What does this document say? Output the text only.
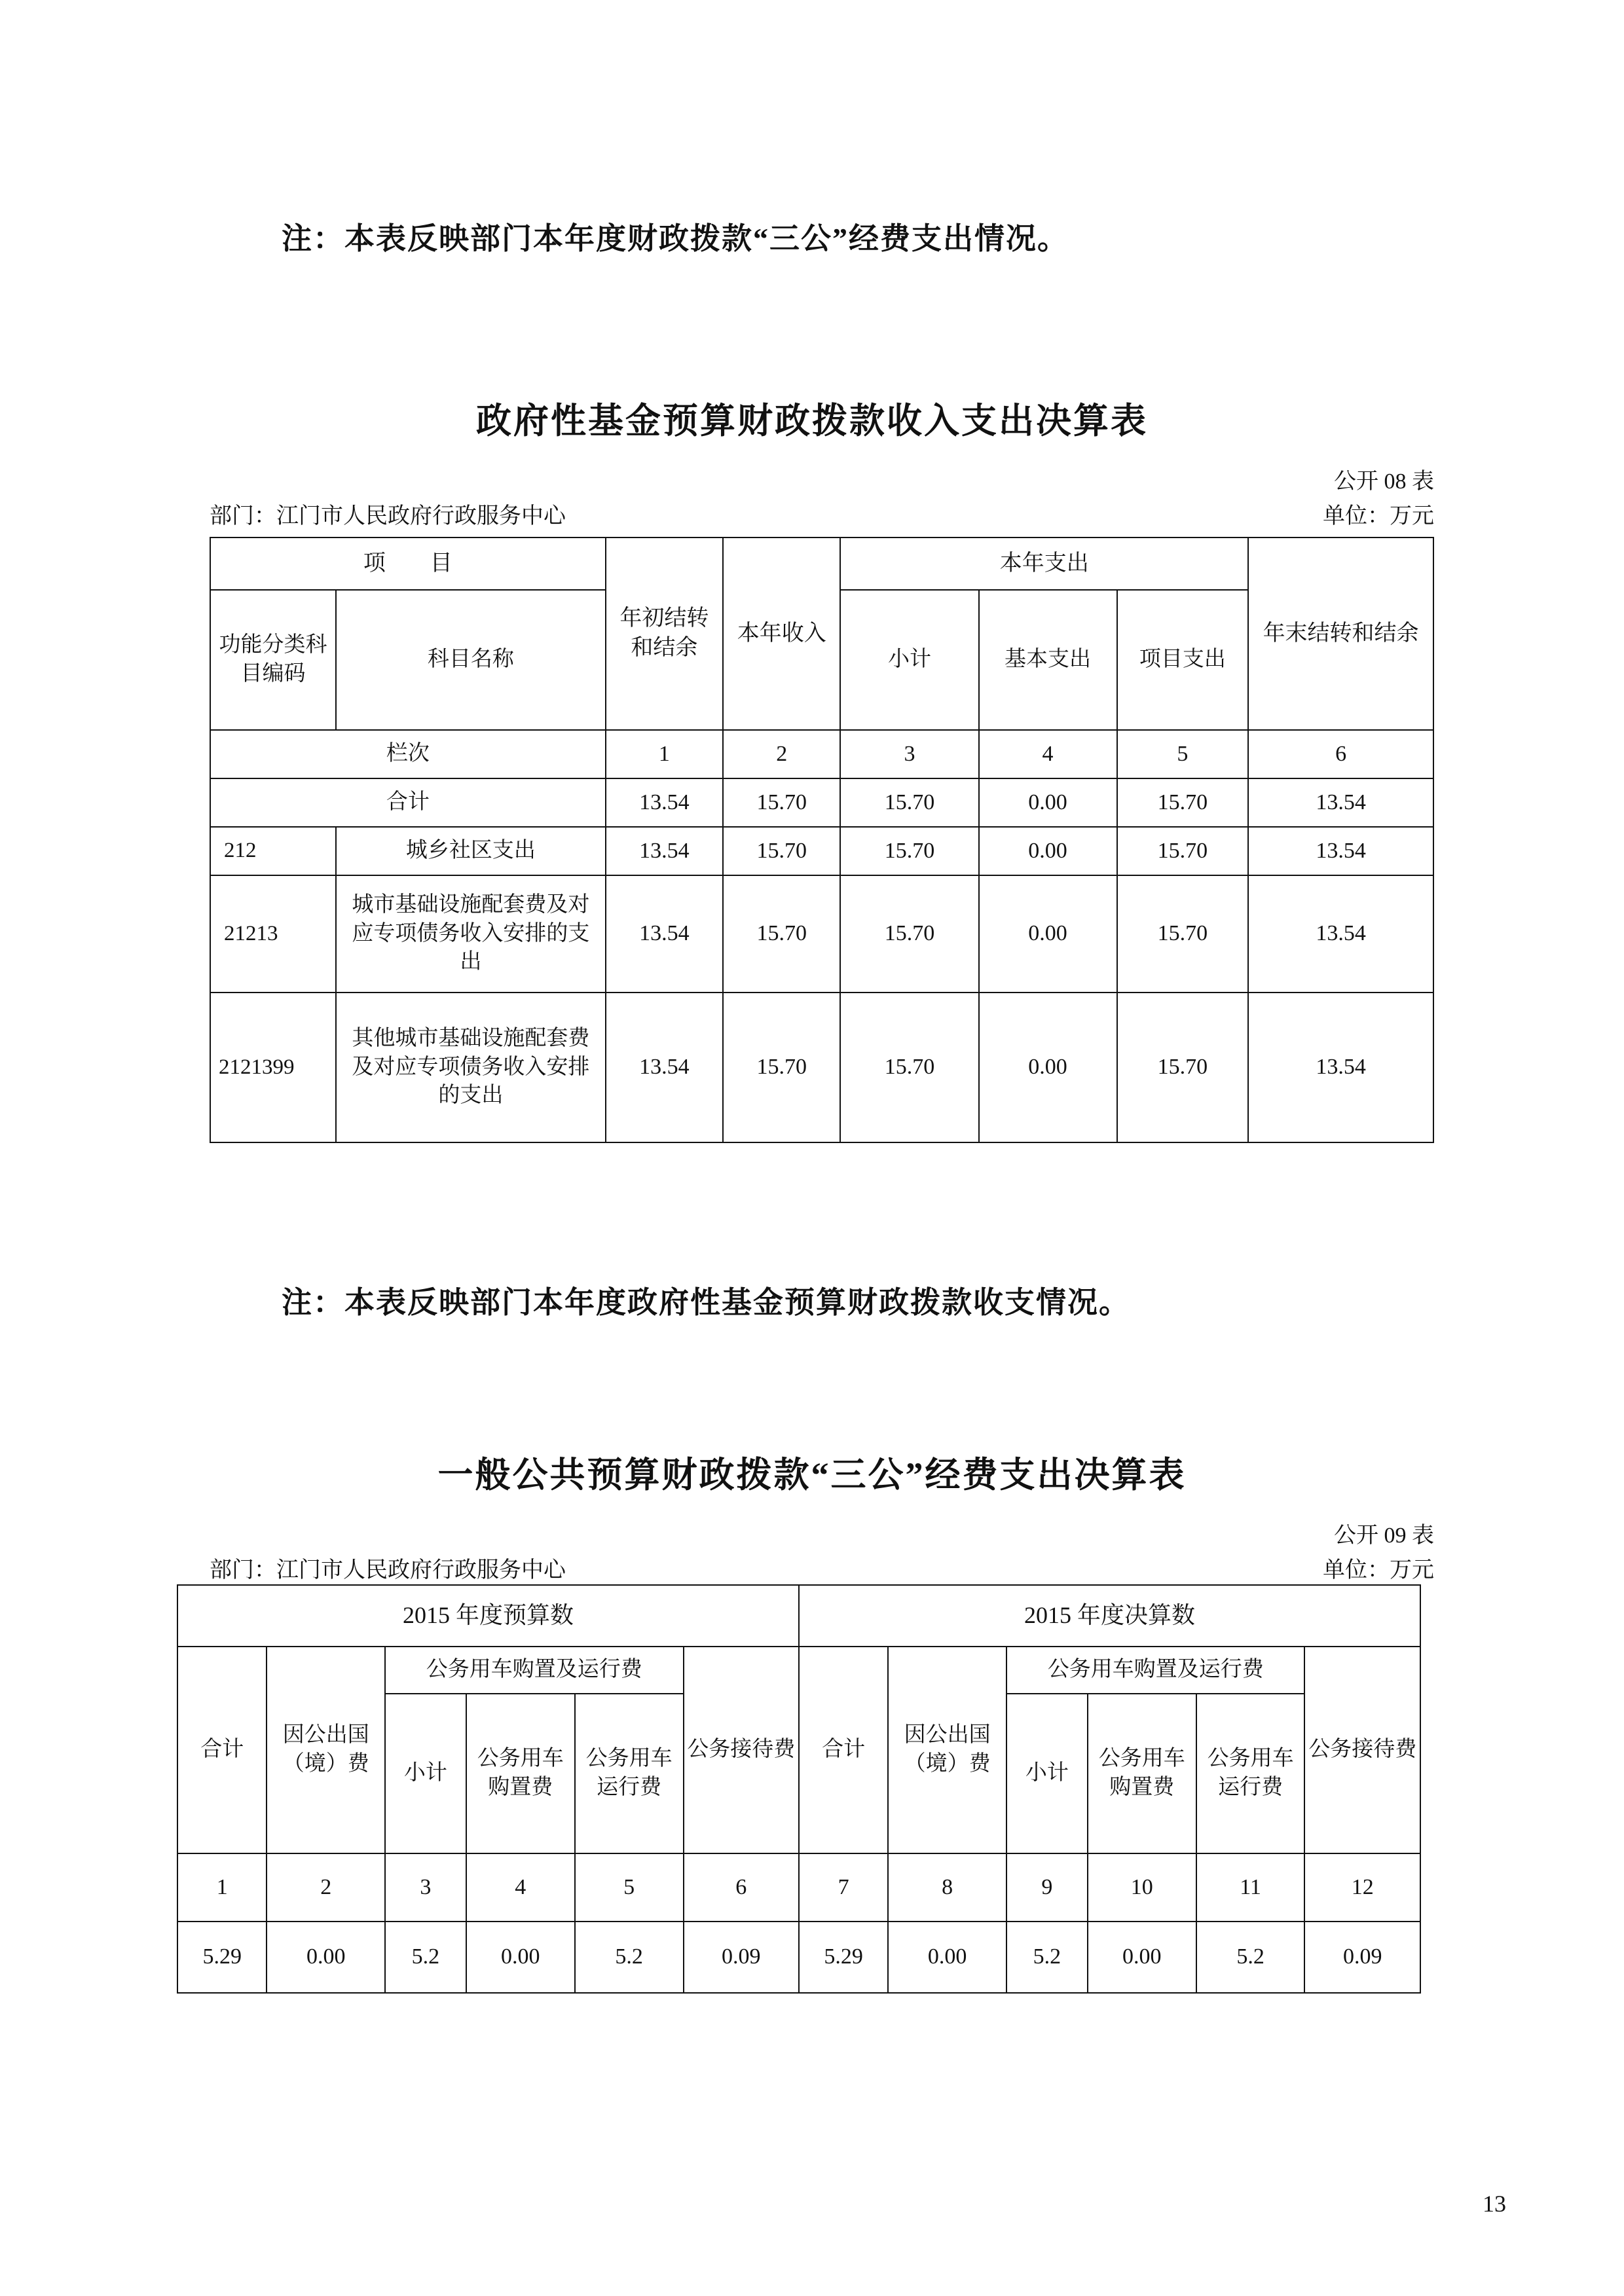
注：本表反映部门本年度财政拨款“三公”经费支出情况。
政府性基金预算财政拨款收入支出决算表
公开 08 表
部门：江门市人民政府行政服务中心	单位：万元
项　　目		年初结转和结余	本年收入	本年支出			年末结转和结余

功能分类科目编码	科目名称			小计	基本支出	项目支出	

栏次		1	2	3	4	5	6
合计		13.54	15.70	15.70	0.00	15.70	13.54
212	城乡社区支出	13.54	15.70	15.70	0.00	15.70	13.54
21213	城市基础设施配套费及对应专项债务收入安排的支出	13.54	15.70	15.70	0.00	15.70	13.54
2121399	其他城市基础设施配套费及对应专项债务收入安排的支出	13.54	15.70	15.70	0.00	15.70	13.54
注：本表反映部门本年度政府性基金预算财政拨款收支情况。
一般公共预算财政拨款“三公”经费支出决算表
公开 09 表
部门：江门市人民政府行政服务中心	单位：万元
2015 年度预算数						2015 年度决算数					
合计	因公出国（境）费	公务用车购置及运行费			公务接待费	合计	因公出国（境）费	公务用车购置及运行费			公务接待费

		小计	公务用车购置费	公务用车运行费				小计	公务用车购置费	公务用车运行费	

1	2	3	4	5	6	7	8	9	10	11	12
5.29	0.00	5.2	0.00	5.2	0.09	5.29	0.00	5.2	0.00	5.2	0.09
13
